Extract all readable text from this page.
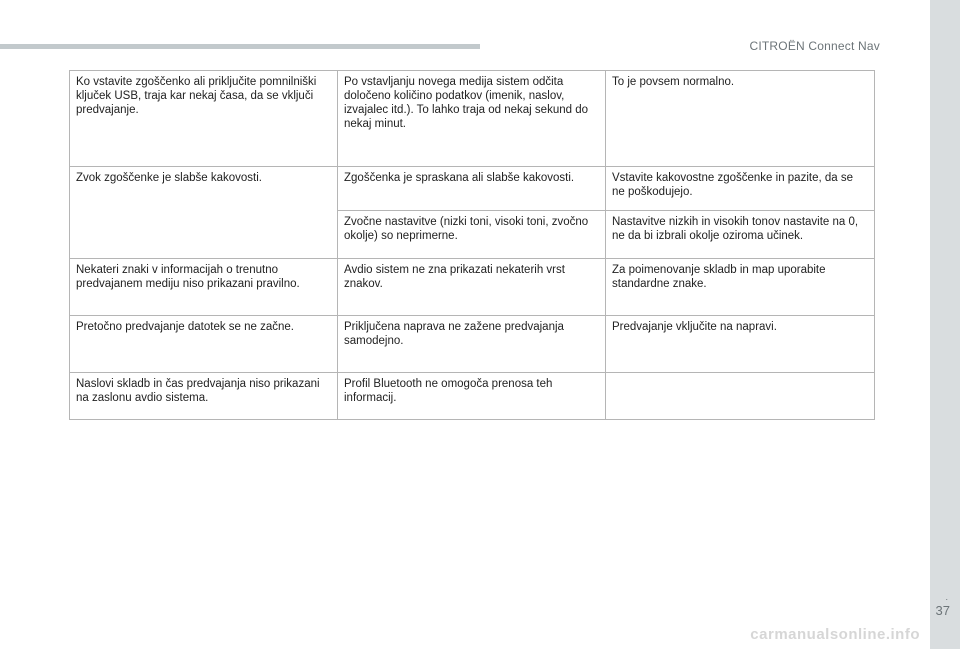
CITROËN Connect Nav
Ko vstavite zgoščenko ali priključite pomnilniški ključek USB, traja kar nekaj časa, da se vključi predvajanje.	Po vstavljanju novega medija sistem odčita določeno količino podatkov (imenik, naslov, izvajalec itd.). To lahko traja od nekaj sekund do nekaj minut.	To je povsem normalno.
Zvok zgoščenke je slabše kakovosti.	Zgoščenka je spraskana ali slabše kakovosti.	Vstavite kakovostne zgoščenke in pazite, da se ne poškodujejo.
	Zvočne nastavitve (nizki toni, visoki toni, zvočno okolje) so neprimerne.	Nastavitve nizkih in visokih tonov nastavite na 0, ne da bi izbrali okolje oziroma učinek.
Nekateri znaki v informacijah o trenutno predvajanem mediju niso prikazani pravilno.	Avdio sistem ne zna prikazati nekaterih vrst znakov.	Za poimenovanje skladb in map uporabite standardne znake.
Pretočno predvajanje datotek se ne začne.	Priključena naprava ne zažene predvajanja samodejno.	Predvajanje vključite na napravi.
Naslovi skladb in čas predvajanja niso prikazani na zaslonu avdio sistema.	Profil Bluetooth ne omogoča prenosa teh informacij.	
.
37
carmanualsonline.info
